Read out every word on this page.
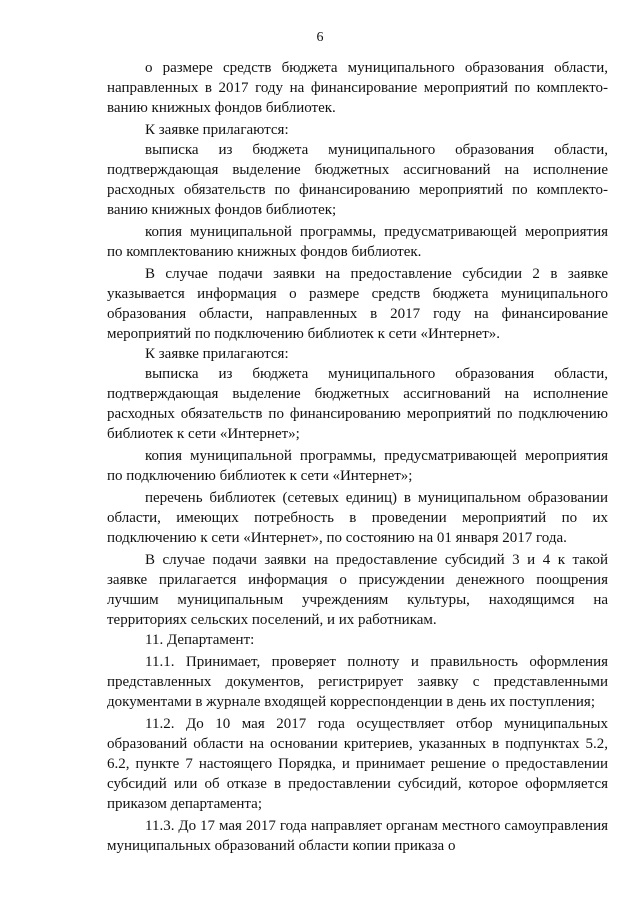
6

о размере средств бюджета муниципального образования области, направленных в 2017 году на финансирование мероприятий по комплектованию книжных фондов библиотек.

К заявке прилагаются:

выписка из бюджета муниципального образования области, подтверждающая выделение бюджетных ассигнований на исполнение расходных обязательств по финансированию мероприятий по комплектованию книжных фондов библиотек;

копия муниципальной программы, предусматривающей мероприятия по комплектованию книжных фондов библиотек.

В случае подачи заявки на предоставление субсидии 2 в заявке указывается информация о размере средств бюджета муниципального образования области, направленных в 2017 году на финансирование мероприятий по подключению библиотек к сети «Интернет».

К заявке прилагаются:

выписка из бюджета муниципального образования области, подтверждающая выделение бюджетных ассигнований на исполнение расходных обязательств по финансированию мероприятий по подключению библиотек к сети «Интернет»;

копия муниципальной программы, предусматривающей мероприятия по подключению библиотек к сети «Интернет»;

перечень библиотек (сетевых единиц) в муниципальном образовании области, имеющих потребность в проведении мероприятий по их подключению к сети «Интернет», по состоянию на 01 января 2017 года.

В случае подачи заявки на предоставление субсидий 3 и 4 к такой заявке прилагается информация о присуждении денежного поощрения лучшим муниципальным учреждениям культуры, находящимся на территориях сельских поселений, и их работникам.

11. Департамент:

11.1. Принимает, проверяет полноту и правильность оформления представленных документов, регистрирует заявку с представленными документами в журнале входящей корреспонденции в день их поступления;

11.2. До 10 мая 2017 года осуществляет отбор муниципальных образований области на основании критериев, указанных в подпунктах 5.2, 6.2, пункте 7 настоящего Порядка, и принимает решение о предоставлении субсидий или об отказе в предоставлении субсидий, которое оформляется приказом департамента;

11.3. До 17 мая 2017 года направляет органам местного самоуправления муниципальных образований области копии приказа о
